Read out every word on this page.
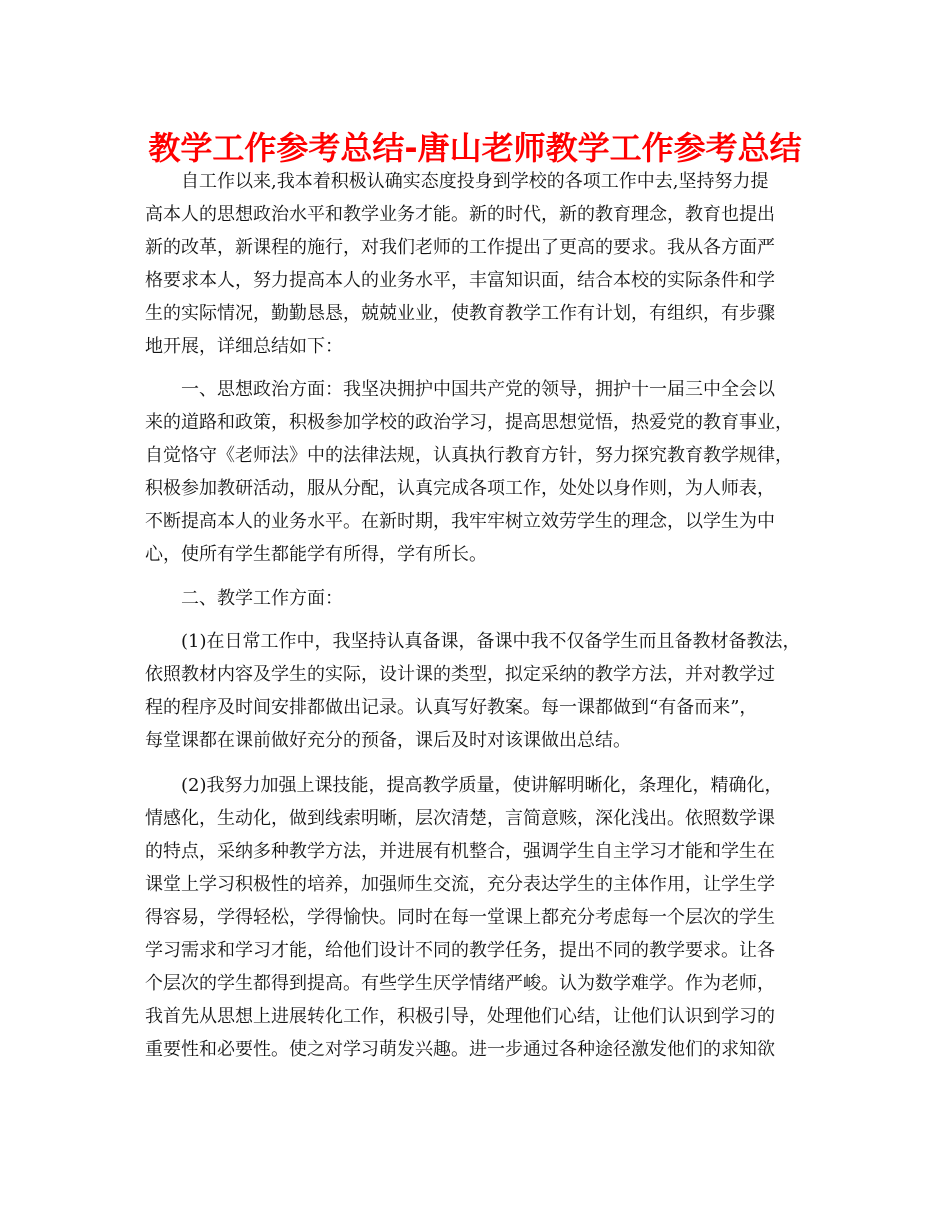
教学工作参考总结-唐山老师教学工作参考总结
自工作以来,我本着积极认确实态度投身到学校的各项工作中去,坚持努力提
高本人的思想政治水平和教学业务才能。新的时代，新的教育理念，教育也提出
新的改革，新课程的施行，对我们老师的工作提出了更高的要求。我从各方面严
格要求本人，努力提高本人的业务水平，丰富知识面，结合本校的实际条件和学
生的实际情况，勤勤恳恳，兢兢业业，使教育教学工作有计划，有组织，有步骤
地开展，详细总结如下：
一、思想政治方面：我坚决拥护中国共产党的领导，拥护十一届三中全会以
来的道路和政策，积极参加学校的政治学习，提高思想觉悟，热爱党的教育事业，
自觉恪守《老师法》中的法律法规，认真执行教育方针，努力探究教育教学规律，
积极参加教研活动，服从分配，认真完成各项工作，处处以身作则，为人师表，
不断提高本人的业务水平。在新时期，我牢牢树立效劳学生的理念，以学生为中
心，使所有学生都能学有所得，学有所长。
二、教学工作方面：
(1)在日常工作中，我坚持认真备课，备课中我不仅备学生而且备教材备教法，
依照教材内容及学生的实际，设计课的类型，拟定采纳的教学方法，并对教学过
程的程序及时间安排都做出记录。认真写好教案。每一课都做到“有备而来”，
每堂课都在课前做好充分的预备，课后及时对该课做出总结。
(2)我努力加强上课技能，提高教学质量，使讲解明晰化，条理化，精确化，
情感化，生动化，做到线索明晰，层次清楚，言简意赅，深化浅出。依照数学课
的特点，采纳多种教学方法，并进展有机整合，强调学生自主学习才能和学生在
课堂上学习积极性的培养，加强师生交流，充分表达学生的主体作用，让学生学
得容易，学得轻松，学得愉快。同时在每一堂课上都充分考虑每一个层次的学生
学习需求和学习才能，给他们设计不同的教学任务，提出不同的教学要求。让各
个层次的学生都得到提高。有些学生厌学情绪严峻。认为数学难学。作为老师，
我首先从思想上进展转化工作，积极引导，处理他们心结，让他们认识到学习的
重要性和必要性。使之对学习萌发兴趣。进一步通过各种途径激发他们的求知欲
